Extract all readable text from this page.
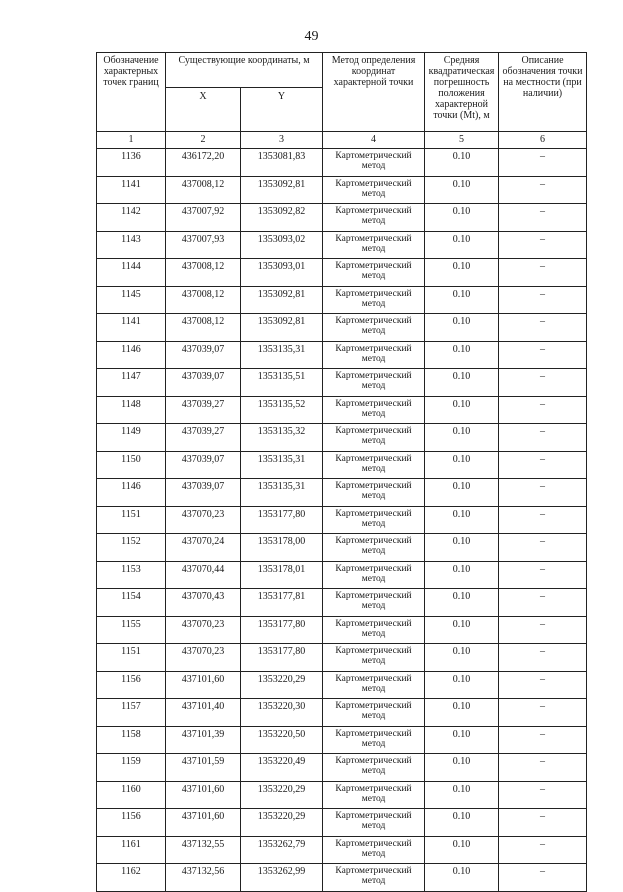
49
Обозначение характерных точек границ	Существующие координаты, м		Метод определения координат характерной точки	Средняя квадратическая погрешность положения характерной точки (Mt), м	Описание обозначения точки на местности (при наличии)
	X	Y			
1	2	3	4	5	6
1136	436172,20	1353081,83	Картометрический метод	0.10	–
1141	437008,12	1353092,81	Картометрический метод	0.10	–
1142	437007,92	1353092,82	Картометрический метод	0.10	–
1143	437007,93	1353093,02	Картометрический метод	0.10	–
1144	437008,12	1353093,01	Картометрический метод	0.10	–
1145	437008,12	1353092,81	Картометрический метод	0.10	–
1141	437008,12	1353092,81	Картометрический метод	0.10	–
1146	437039,07	1353135,31	Картометрический метод	0.10	–
1147	437039,07	1353135,51	Картометрический метод	0.10	–
1148	437039,27	1353135,52	Картометрический метод	0.10	–
1149	437039,27	1353135,32	Картометрический метод	0.10	–
1150	437039,07	1353135,31	Картометрический метод	0.10	–
1146	437039,07	1353135,31	Картометрический метод	0.10	–
1151	437070,23	1353177,80	Картометрический метод	0.10	–
1152	437070,24	1353178,00	Картометрический метод	0.10	–
1153	437070,44	1353178,01	Картометрический метод	0.10	–
1154	437070,43	1353177,81	Картометрический метод	0.10	–
1155	437070,23	1353177,80	Картометрический метод	0.10	–
1151	437070,23	1353177,80	Картометрический метод	0.10	–
1156	437101,60	1353220,29	Картометрический метод	0.10	–
1157	437101,40	1353220,30	Картометрический метод	0.10	–
1158	437101,39	1353220,50	Картометрический метод	0.10	–
1159	437101,59	1353220,49	Картометрический метод	0.10	–
1160	437101,60	1353220,29	Картометрический метод	0.10	–
1156	437101,60	1353220,29	Картометрический метод	0.10	–
1161	437132,55	1353262,79	Картометрический метод	0.10	–
1162	437132,56	1353262,99	Картометрический метод	0.10	–
